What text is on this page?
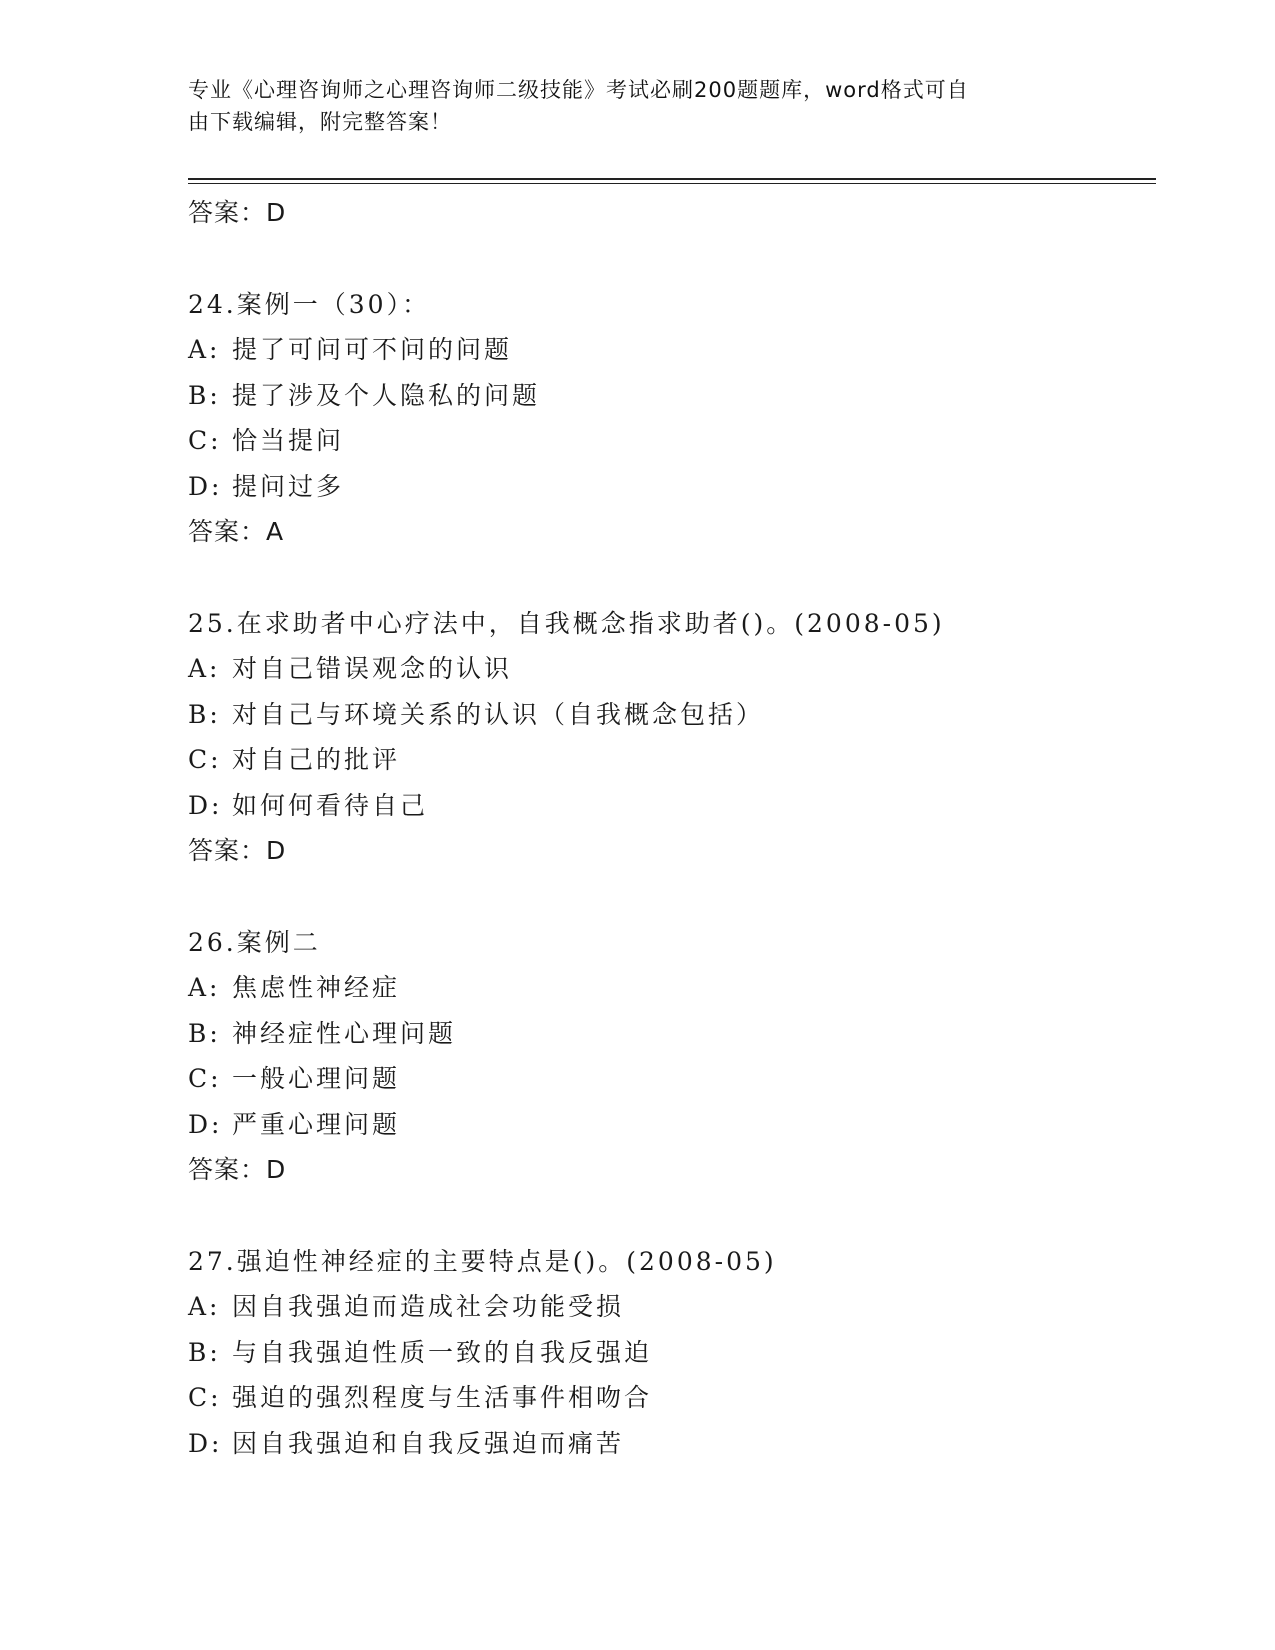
专业《心理咨询师之心理咨询师二级技能》考试必刷200题题库，word格式可自
由下载编辑，附完整答案！
答案：D
24.案例一（30）：
A: 提了可问可不问的问题
B: 提了涉及个人隐私的问题
C: 恰当提问
D: 提问过多
答案：A
25.在求助者中心疗法中，自我概念指求助者()。(2008-05)
A: 对自己错误观念的认识
B: 对自己与环境关系的认识（自我概念包括）
C: 对自己的批评
D: 如何何看待自己
答案：D
26.案例二
A: 焦虑性神经症
B: 神经症性心理问题
C: 一般心理问题
D: 严重心理问题
答案：D
27.强迫性神经症的主要特点是()。(2008-05)
A: 因自我强迫而造成社会功能受损
B: 与自我强迫性质一致的自我反强迫
C: 强迫的强烈程度与生活事件相吻合
D: 因自我强迫和自我反强迫而痛苦
